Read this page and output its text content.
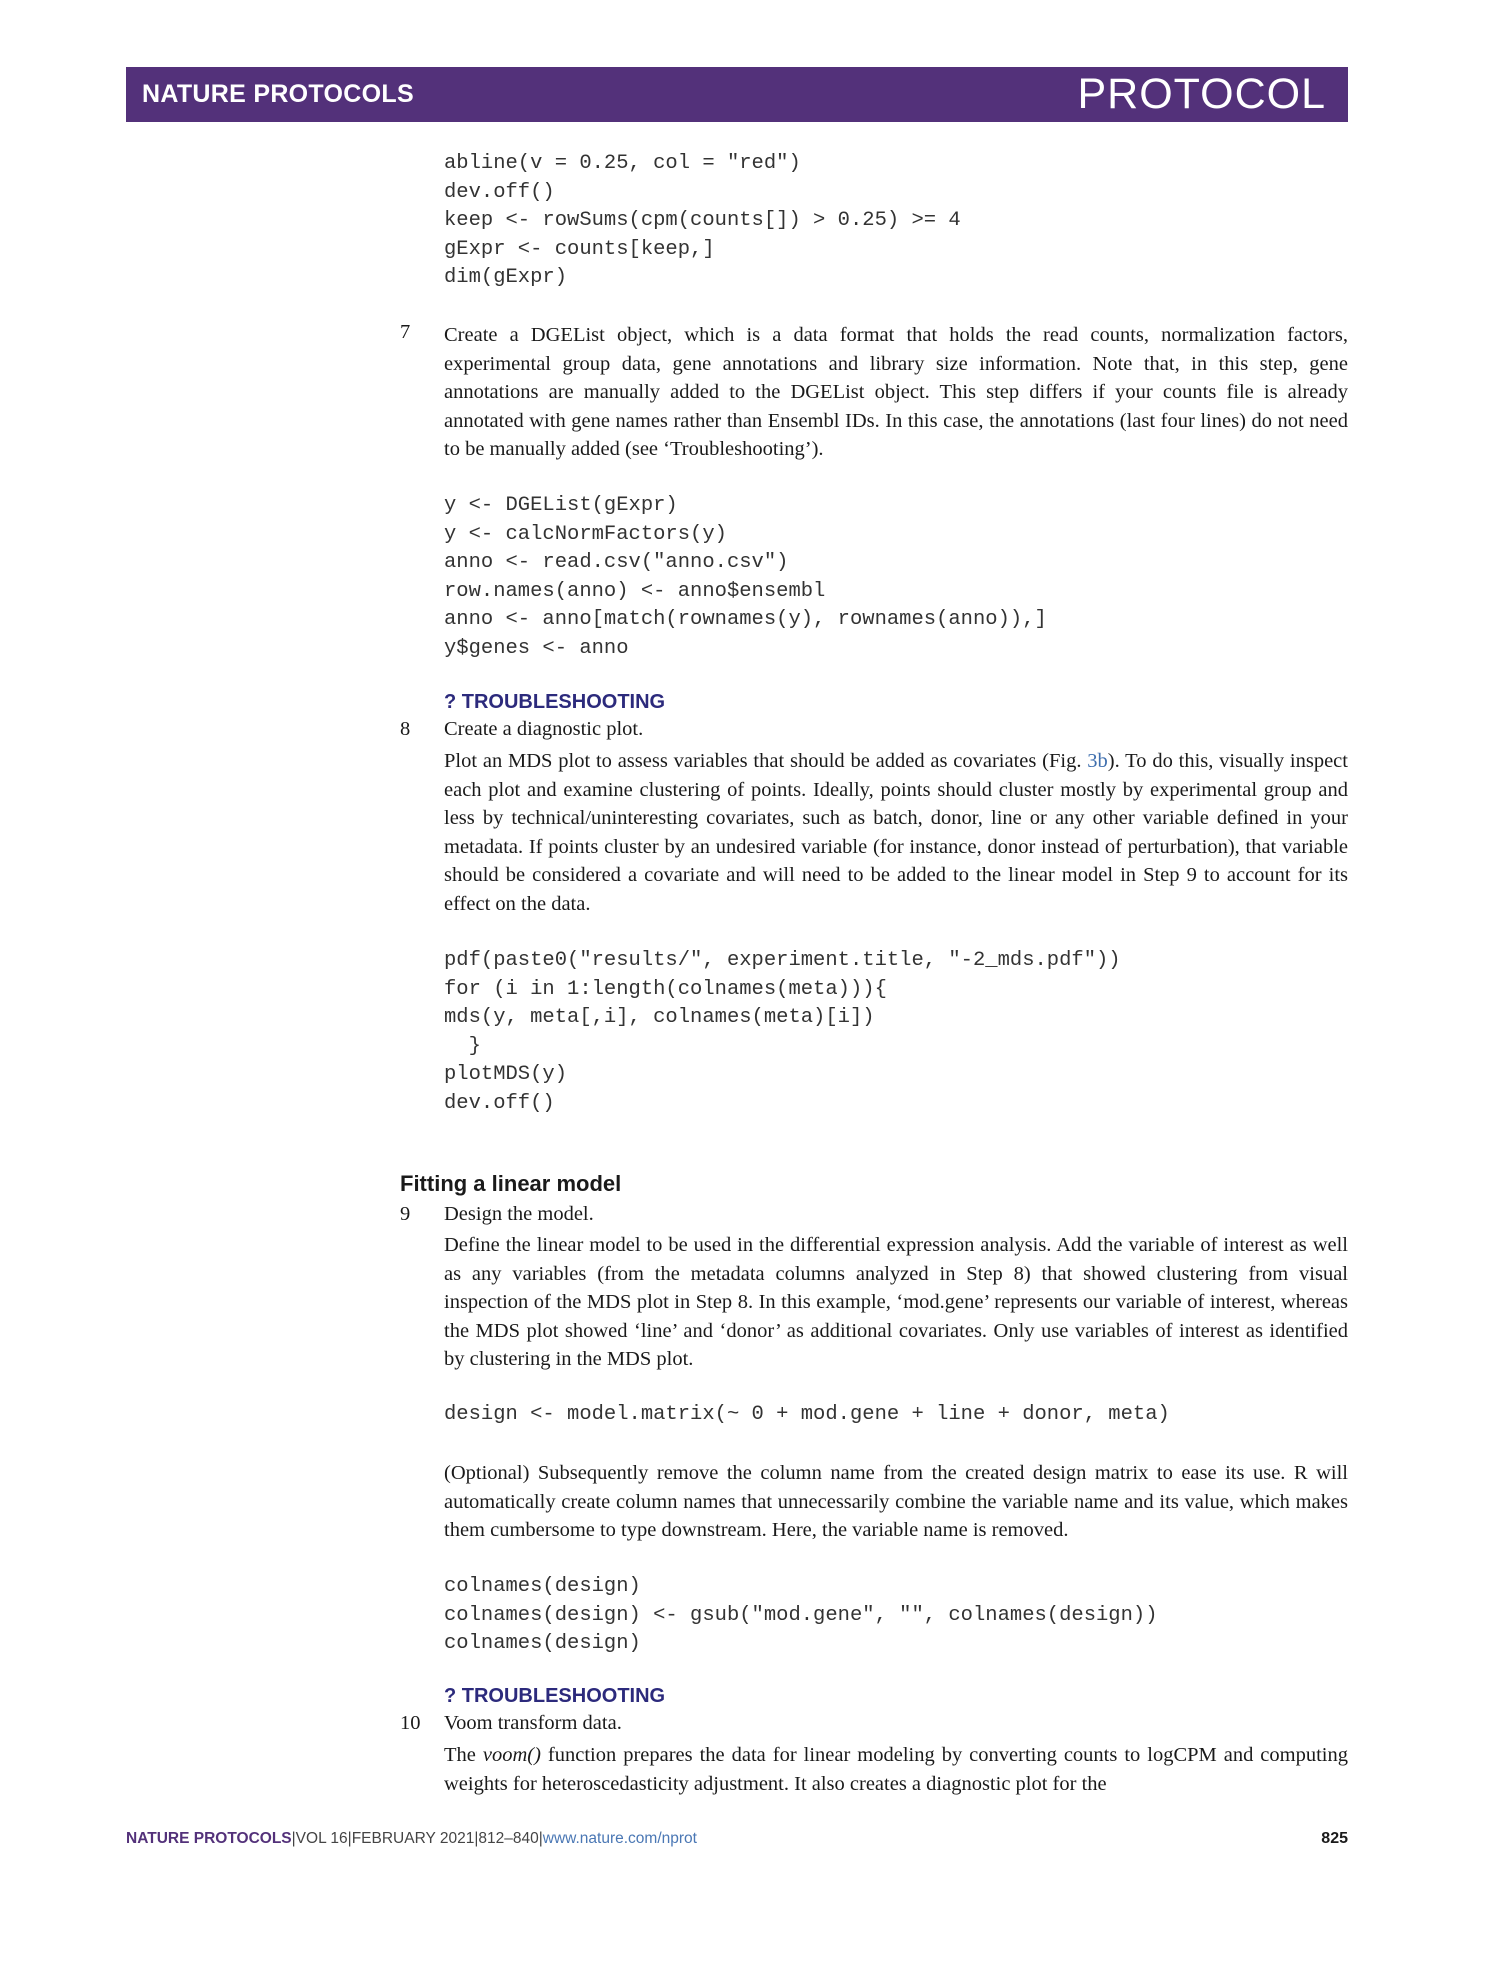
NATURE PROTOCOLS	PROTOCOL
abline(v = 0.25, col = "red")
dev.off()
keep <- rowSums(cpm(counts[]) > 0.25) >= 4
gExpr <- counts[keep,]
dim(gExpr)
7 Create a DGEList object, which is a data format that holds the read counts, normalization factors, experimental group data, gene annotations and library size information. Note that, in this step, gene annotations are manually added to the DGEList object. This step differs if your counts file is already annotated with gene names rather than Ensembl IDs. In this case, the annotations (last four lines) do not need to be manually added (see ‘Troubleshooting’).

y <- DGEList(gExpr)
y <- calcNormFactors(y)
anno <- read.csv("anno.csv")
row.names(anno) <- anno$ensembl
anno <- anno[match(rownames(y), rownames(anno)),]
y$genes <- anno
? TROUBLESHOOTING
8 Create a diagnostic plot.

Plot an MDS plot to assess variables that should be added as covariates (Fig. 3b). To do this, visually inspect each plot and examine clustering of points. Ideally, points should cluster mostly by experimental group and less by technical/uninteresting covariates, such as batch, donor, line or any other variable defined in your metadata. If points cluster by an undesired variable (for instance, donor instead of perturbation), that variable should be considered a covariate and will need to be added to the linear model in Step 9 to account for its effect on the data.

pdf(paste0("results/", experiment.title, "-2_mds.pdf"))
for (i in 1:length(colnames(meta))){
mds(y, meta[,i], colnames(meta)[i])
}
plotMDS(y)
dev.off()
Fitting a linear model
9 Design the model.

Define the linear model to be used in the differential expression analysis. Add the variable of interest as well as any variables (from the metadata columns analyzed in Step 8) that showed clustering from visual inspection of the MDS plot in Step 8. In this example, ‘mod.gene’ represents our variable of interest, whereas the MDS plot showed ‘line’ and ‘donor’ as additional covariates. Only use variables of interest as identified by clustering in the MDS plot.

design <- model.matrix(~ 0 + mod.gene + line + donor, meta)

(Optional) Subsequently remove the column name from the created design matrix to ease its use. R will automatically create column names that unnecessarily combine the variable name and its value, which makes them cumbersome to type downstream. Here, the variable name is removed.

colnames(design)
colnames(design) <- gsub("mod.gene", "", colnames(design))
colnames(design)
? TROUBLESHOOTING
10 Voom transform data.

The voom() function prepares the data for linear modeling by converting counts to logCPM and computing weights for heteroscedasticity adjustment. It also creates a diagnostic plot for the

NATURE PROTOCOLS|VOL 16|FEBRUARY 2021|812–840|www.nature.com/nprot	825
